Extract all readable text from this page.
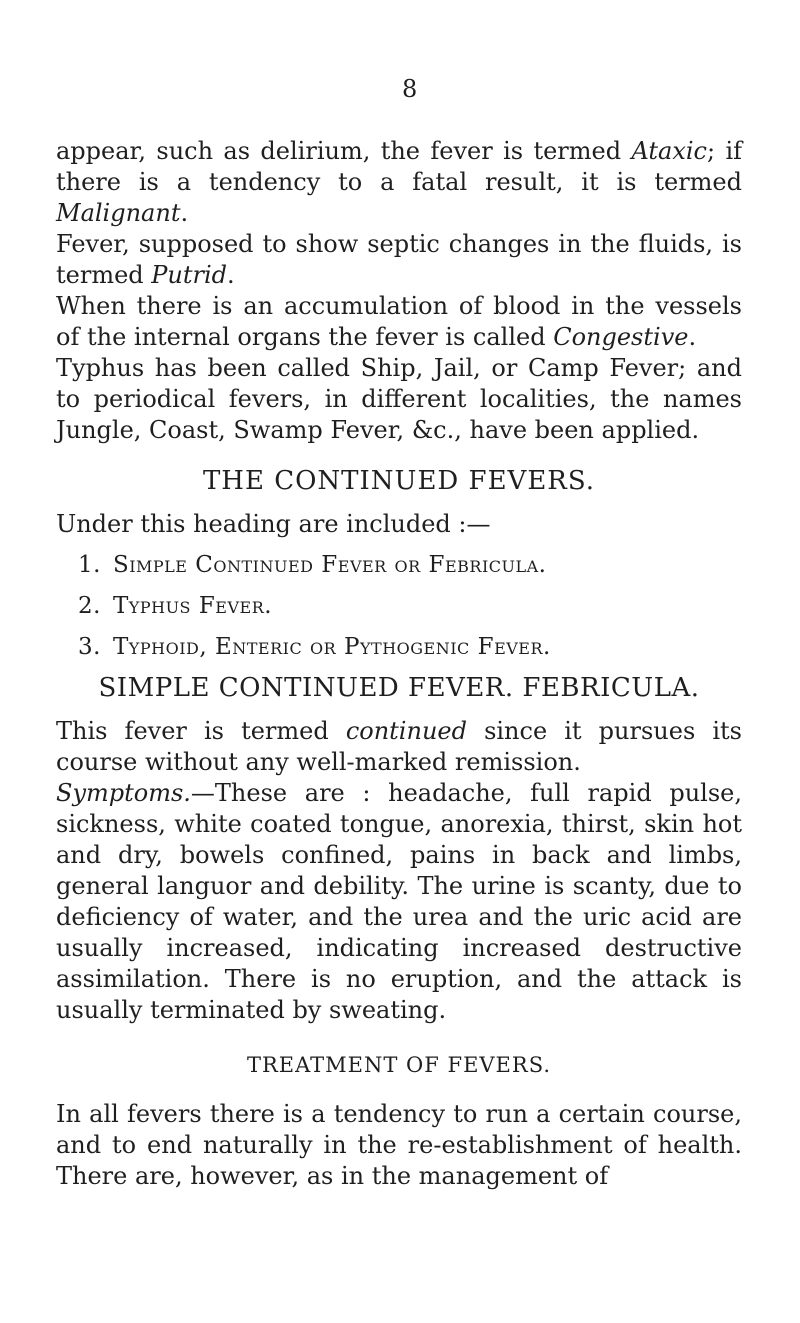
8

appear, such as delirium, the fever is termed Ataxic; if there is a tendency to a fatal result, it is termed Malignant.

Fever, supposed to show septic changes in the fluids, is termed Putrid.

When there is an accumulation of blood in the vessels of the internal organs the fever is called Congestive.

Typhus has been called Ship, Jail, or Camp Fever; and to periodical fevers, in different localities, the names Jungle, Coast, Swamp Fever, &c., have been applied.

THE CONTINUED FEVERS.

Under this heading are included :—

1. Simple Continued Fever or Febricula.
2. Typhus Fever.
3. Typhoid, Enteric or Pythogenic Fever.
SIMPLE CONTINUED FEVER. FEBRICULA.

This fever is termed continued since it pursues its course without any well-marked remission.

Symptoms.—These are : headache, full rapid pulse, sickness, white coated tongue, anorexia, thirst, skin hot and dry, bowels confined, pains in back and limbs, general languor and debility. The urine is scanty, due to deficiency of water, and the urea and the uric acid are usually increased, indicating increased destructive assimilation. There is no eruption, and the attack is usually terminated by sweating.

TREATMENT OF FEVERS.

In all fevers there is a tendency to run a certain course, and to end naturally in the re-establishment of health. There are, however, as in the management of
